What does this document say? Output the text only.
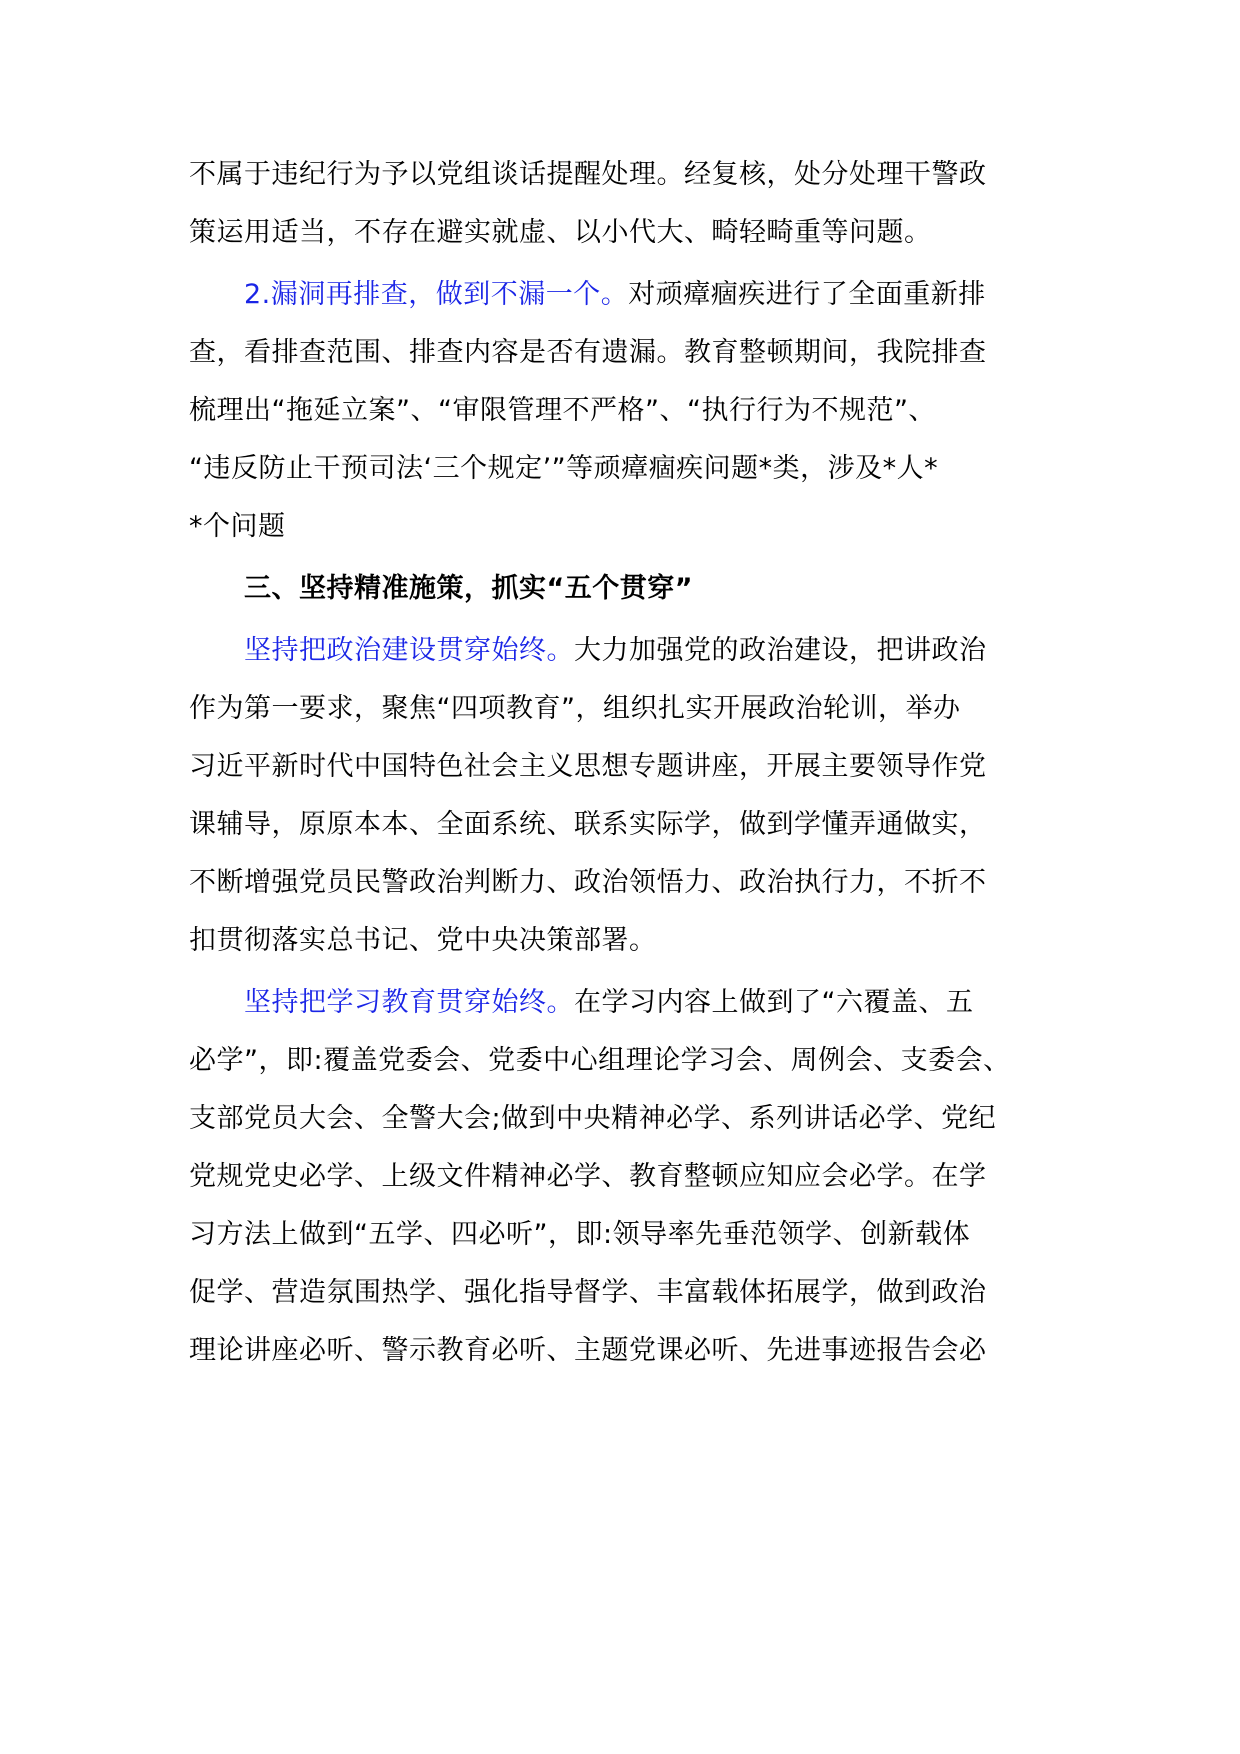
不属于违纪行为予以党组谈话提醒处理。经复核，处分处理干警政
策运用适当，不存在避实就虚、以小代大、畸轻畸重等问题。
2.漏洞再排查，做到不漏一个。对顽瘴痼疾进行了全面重新排
查，看排查范围、排查内容是否有遗漏。教育整顿期间，我院排查
梳理出“拖延立案”、“审限管理不严格”、“执行行为不规范”、
“违反防止干预司法‘三个规定’”等顽瘴痼疾问题*类，涉及*人*
*个问题
三、坚持精准施策，抓实“五个贯穿”
坚持把政治建设贯穿始终。大力加强党的政治建设，把讲政治
作为第一要求，聚焦“四项教育”，组织扎实开展政治轮训，举办
习近平新时代中国特色社会主义思想专题讲座，开展主要领导作党
课辅导，原原本本、全面系统、联系实际学，做到学懂弄通做实，
不断增强党员民警政治判断力、政治领悟力、政治执行力，不折不
扣贯彻落实总书记、党中央决策部署。
坚持把学习教育贯穿始终。在学习内容上做到了“六覆盖、五
必学”，即:覆盖党委会、党委中心组理论学习会、周例会、支委会、
支部党员大会、全警大会;做到中央精神必学、系列讲话必学、党纪
党规党史必学、上级文件精神必学、教育整顿应知应会必学。在学
习方法上做到“五学、四必听”，即:领导率先垂范领学、创新载体
促学、营造氛围热学、强化指导督学、丰富载体拓展学，做到政治
理论讲座必听、警示教育必听、主题党课必听、先进事迹报告会必
